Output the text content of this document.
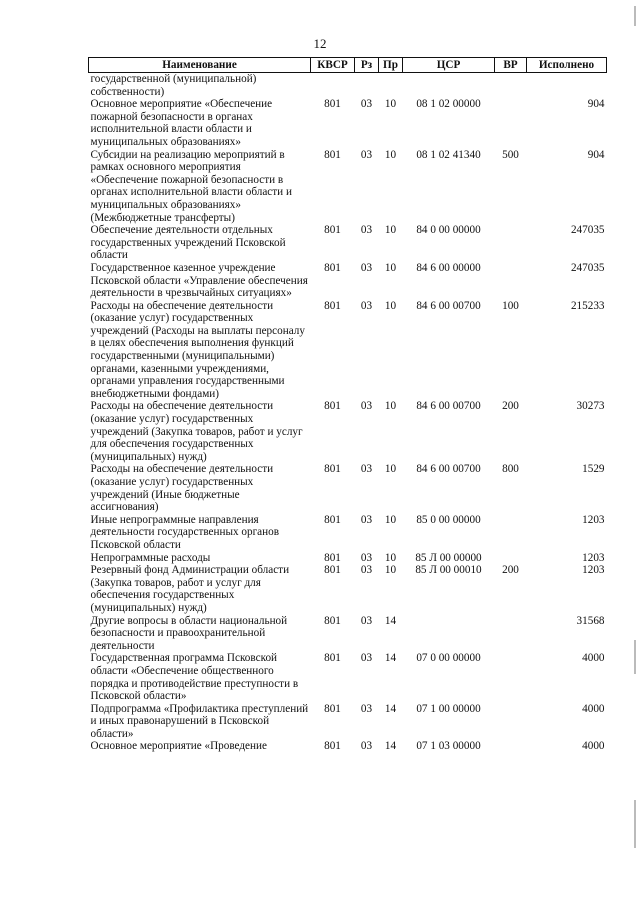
12
Наименование	КВСР	Рз	Пр	ЦСР	ВР	Исполнено
государственной (муниципальной) собственности)						
Основное мероприятие «Обеспечение пожарной безопасности в органах исполнительной власти области и муниципальных образованиях»	801	03	10	08 1 02 00000		904
Субсидии на реализацию мероприятий в рамках основного мероприятия «Обеспечение пожарной безопасности в органах исполнительной власти области и муниципальных образованиях» (Межбюджетные трансферты)	801	03	10	08 1 02 41340	500	904
Обеспечение деятельности отдельных государственных учреждений Псковской области	801	03	10	84 0 00 00000		247035
Государственное казенное учреждение Псковской области «Управление обеспечения деятельности в чрезвычайных ситуациях»	801	03	10	84 6 00 00000		247035
Расходы на обеспечение деятельности (оказание услуг) государственных учреждений (Расходы на выплаты персоналу в целях обеспечения выполнения функций государственными (муниципальными) органами, казенными учреждениями, органами управления государственными внебюджетными фондами)	801	03	10	84 6 00 00700	100	215233
Расходы на обеспечение деятельности (оказание услуг) государственных учреждений (Закупка товаров, работ и услуг для обеспечения государственных (муниципальных) нужд)	801	03	10	84 6 00 00700	200	30273
Расходы на обеспечение деятельности (оказание услуг) государственных учреждений (Иные бюджетные ассигнования)	801	03	10	84 6 00 00700	800	1529
Иные непрограммные направления деятельности государственных органов Псковской области	801	03	10	85 0 00 00000		1203
Непрограммные расходы	801	03	10	85 Л 00 00000		1203
Резервный фонд Администрации области (Закупка товаров, работ и услуг для обеспечения государственных (муниципальных) нужд)	801	03	10	85 Л 00 00010	200	1203
Другие вопросы в области национальной безопасности и правоохранительной деятельности	801	03	14			31568
Государственная программа Псковской области «Обеспечение общественного порядка и противодействие преступности в Псковской области»	801	03	14	07 0 00 00000		4000
Подпрограмма «Профилактика преступлений и иных правонарушений в Псковской области»	801	03	14	07 1 00 00000		4000
Основное мероприятие «Проведение	801	03	14	07 1 03 00000		4000
